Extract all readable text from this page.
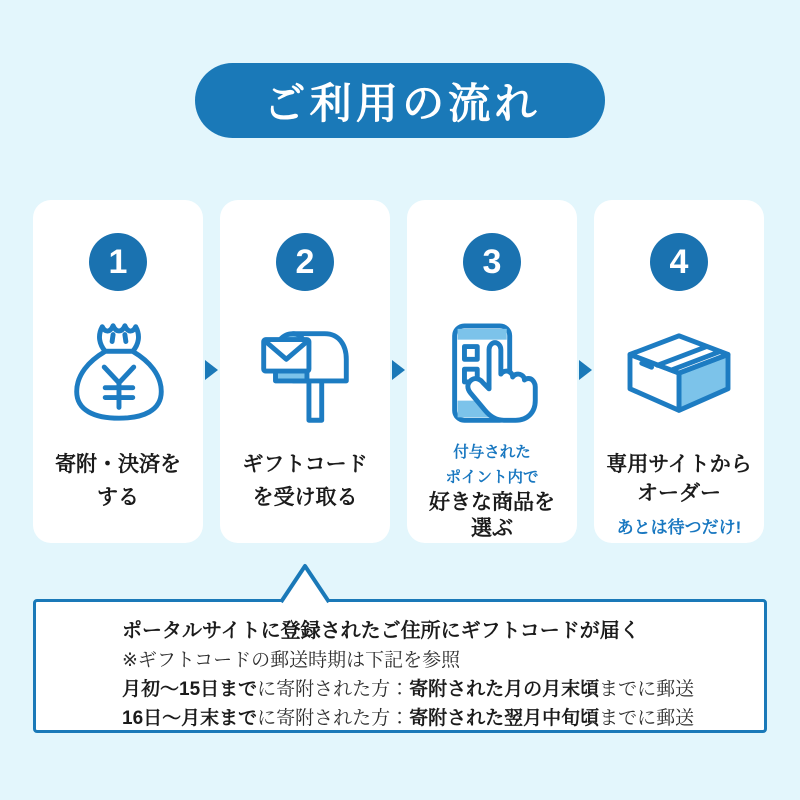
ご利用の流れ
1
寄附・決済を
する
2
ギフトコード
を受け取る
3
付与された
ポイント内で
好きな商品を
選ぶ
4
専用サイトから
オーダー
あとは待つだけ!

ポータルサイトに登録されたご住所にギフトコードが届く

※ギフトコードの郵送時期は下記を参照

月初～15日までに寄附された方：寄附された月の月末頃までに郵送

16日～月末までに寄附された方：寄附された翌月中旬頃までに郵送
